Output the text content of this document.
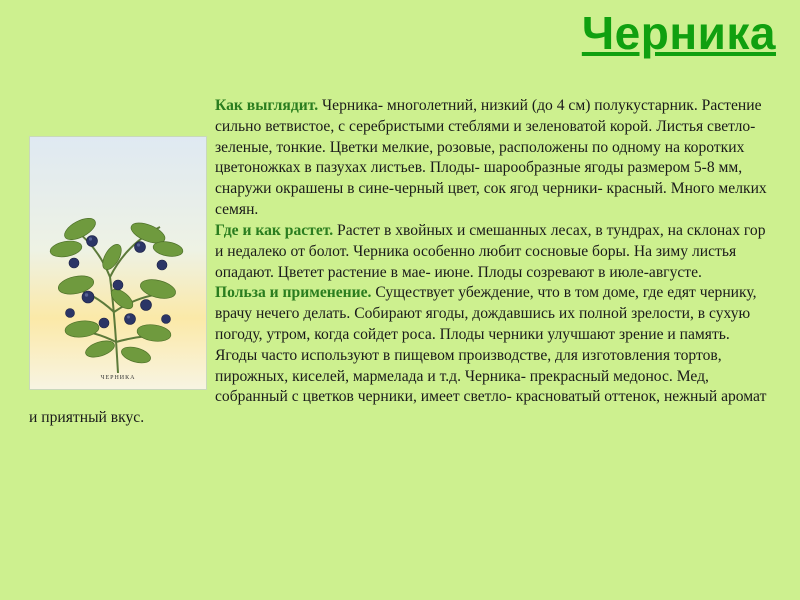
Черника
ЧЕРНИКА

Как выглядит. Черника- многолетний, низкий (до 4 см) полукустарник. Растение сильно ветвистое, с серебристыми стеблями и зеленоватой корой. Листья светло-зеленые, тонкие. Цветки мелкие, розовые, расположены по одному на коротких цветоножках в пазухах листьев. Плоды- шарообразные ягоды размером 5-8 мм, снаружи окрашены в сине-черный цвет, сок ягод черники- красный. Много мелких семян.

Где и как растет. Растет в хвойных и смешанных лесах, в тундрах, на склонах гор и недалеко от болот. Черника особенно любит сосновые боры. На зиму листья опадают. Цветет растение в мае- июне. Плоды созревают в июле-августе.

Польза и применение. Существует убеждение, что в том доме, где едят чернику, врачу нечего делать. Собирают ягоды, дождавшись их полной зрелости, в сухую погоду, утром, когда сойдет роса. Плоды черники улучшают зрение и память. Ягоды часто используют в пищевом производстве, для изготовления тортов, пирожных, киселей, мармелада и т.д. Черника- прекрасный медонос. Мед, собранный с цветков черники, имеет светло- красноватый оттенок, нежный аромат и приятный вкус.
